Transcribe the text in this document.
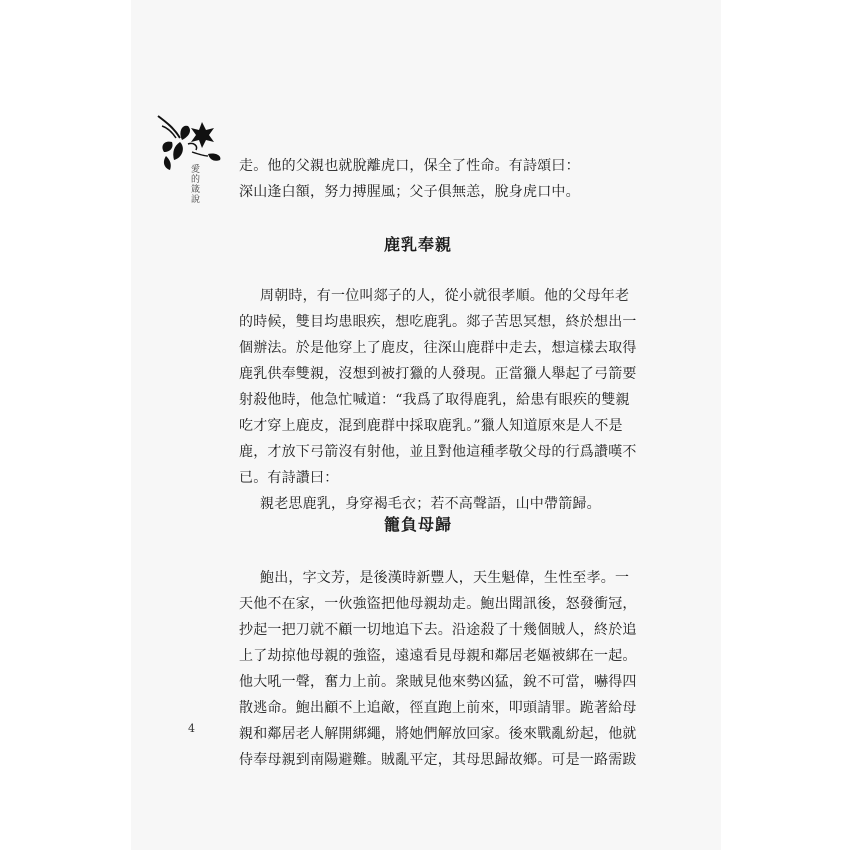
愛的箴說	走。他的父親也就脫離虎口，保全了性命。有詩頌曰：
深山逢白額，努力搏腥風；父子俱無恙，脫身虎口中。
鹿乳奉親
周朝時，有一位叫郯子的人，從小就很孝順。他的父母年老
的時候，雙目均患眼疾，想吃鹿乳。郯子苦思冥想，終於想出一
個辦法。於是他穿上了鹿皮，往深山鹿群中走去，想這樣去取得
鹿乳供奉雙親，沒想到被打獵的人發現。正當獵人舉起了弓箭要
射殺他時，他急忙喊道：“我爲了取得鹿乳，給患有眼疾的雙親
吃才穿上鹿皮，混到鹿群中採取鹿乳。”獵人知道原來是人不是
鹿，才放下弓箭沒有射他，並且對他這種孝敬父母的行爲讚嘆不
已。有詩讚曰：
親老思鹿乳，身穿褐毛衣；若不高聲語，山中帶箭歸。
籠負母歸
鮑出，字文芳，是後漢時新豐人，天生魁偉，生性至孝。一
天他不在家，一伙強盜把他母親劫走。鮑出聞訊後，怒發衝冠，
抄起一把刀就不顧一切地追下去。沿途殺了十幾個賊人，終於追
上了劫掠他母親的強盜，遠遠看見母親和鄰居老嫗被綁在一起。
他大吼一聲，奮力上前。衆賊見他來勢凶猛，銳不可當，嚇得四
散逃命。鮑出顧不上追敵，徑直跑上前來，叩頭請罪。跪著給母
親和鄰居老人解開綁繩，將她們解放回家。後來戰亂紛起，他就
侍奉母親到南陽避難。賊亂平定，其母思歸故鄉。可是一路需跋
4
